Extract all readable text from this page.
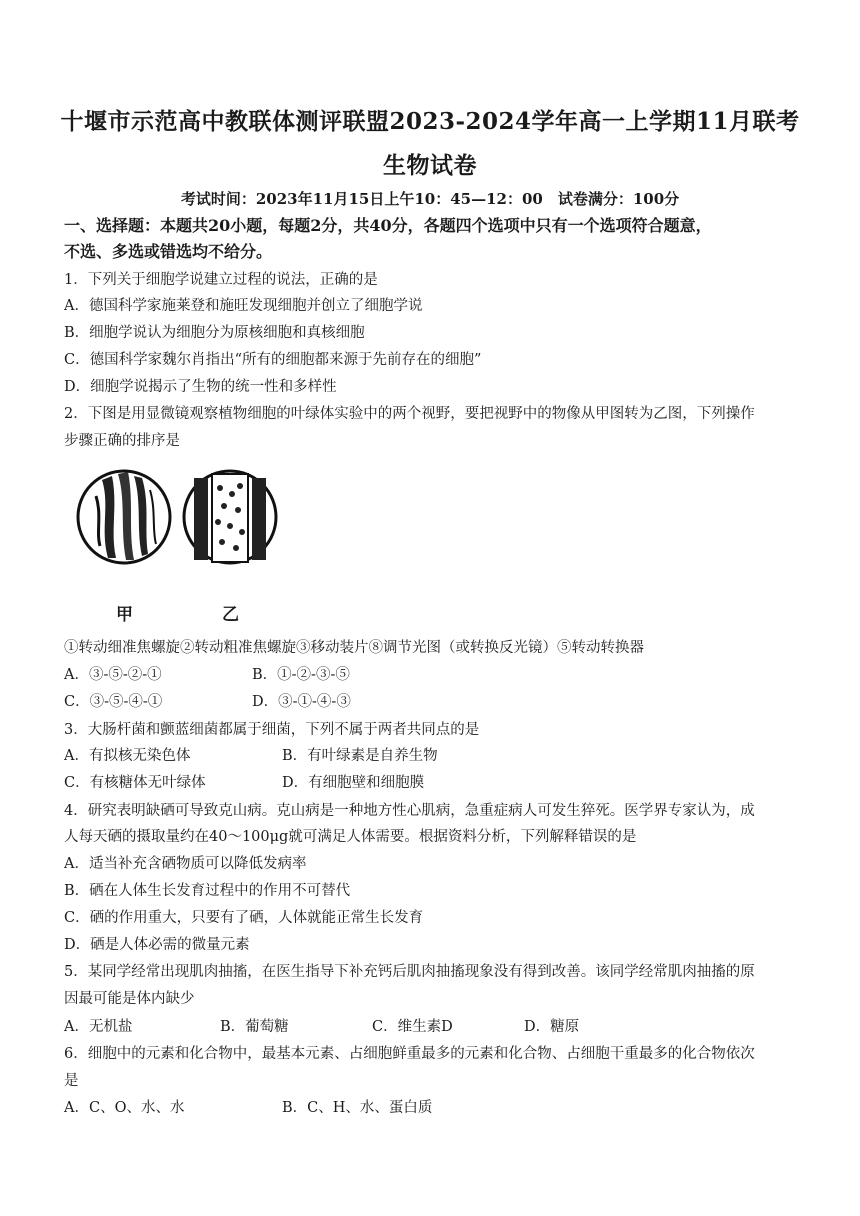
十堰市示范高中教联体测评联盟2023-2024学年高一上学期11月联考
生物试卷
考试时间：2023年11月15日上午10：45—12：00　试卷满分：100分
一、选择题：本题共20小题，每题2分，共40分，各题四个选项中只有一个选项符合题意，
不选、多选或错选均不给分。
1．下列关于细胞学说建立过程的说法，正确的是
A．德国科学家施莱登和施旺发现细胞并创立了细胞学说
B．细胞学说认为细胞分为原核细胞和真核细胞
C．德国科学家魏尔肖指出“所有的细胞都来源于先前存在的细胞”
D．细胞学说揭示了生物的统一性和多样性
2．下图是用显微镜观察植物细胞的叶绿体实验中的两个视野，要把视野中的物像从甲图转为乙图，下列操作
步骤正确的排序是
甲	乙
①转动细准焦螺旋②转动粗准焦螺旋③移动装片⑧调节光图（或转换反光镜）⑤转动转换器
A．③-⑤-②-①	B．①-②-③-⑤
C．③-⑤-④-①	D．③-①-④-③
3．大肠杆菌和颤蓝细菌都属于细菌，下列不属于两者共同点的是
A．有拟核无染色体	B．有叶绿素是自养生物
C．有核糖体无叶绿体	D．有细胞壁和细胞膜
4．研究表明缺硒可导致克山病。克山病是一种地方性心肌病，急重症病人可发生猝死。医学界专家认为，成
人每天硒的摄取量约在40～100μg就可满足人体需要。根据资料分析，下列解释错误的是
A．适当补充含硒物质可以降低发病率
B．硒在人体生长发育过程中的作用不可替代
C．硒的作用重大，只要有了硒，人体就能正常生长发育
D．硒是人体必需的微量元素
5．某同学经常出现肌肉抽搐，在医生指导下补充钙后肌肉抽搐现象没有得到改善。该同学经常肌肉抽搐的原
因最可能是体内缺少
A．无机盐	B．葡萄糖	C．维生素D	D．糖原
6．细胞中的元素和化合物中，最基本元素、占细胞鲜重最多的元素和化合物、占细胞干重最多的化合物依次
是
A．C、O、水、水	B．C、H、水、蛋白质
